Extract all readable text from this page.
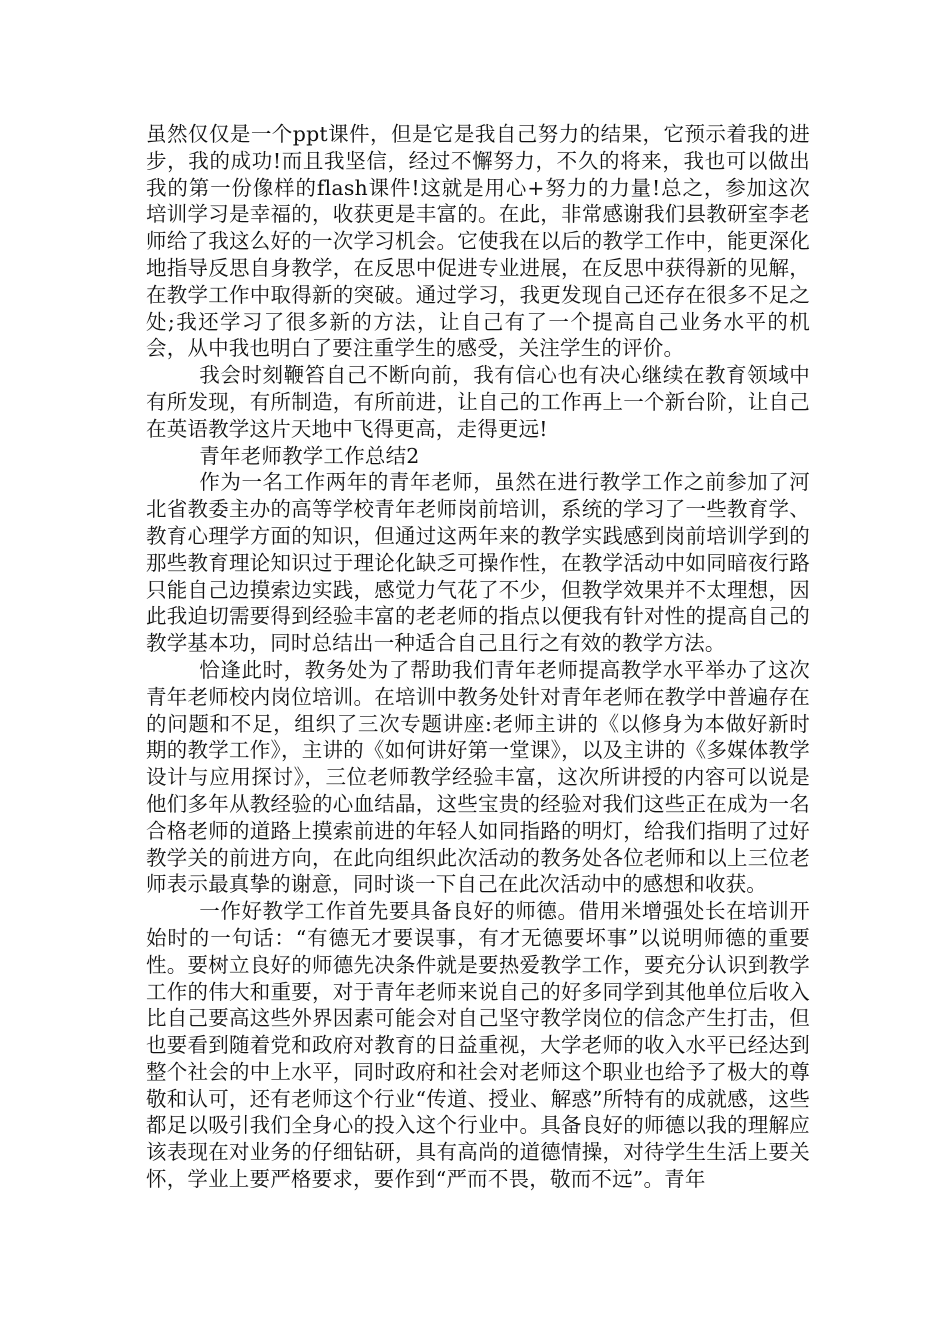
虽然仅仅是一个ppt课件，但是它是我自己努力的结果，它预示着我的进步，我的成功!而且我坚信，经过不懈努力，不久的将来，我也可以做出我的第一份像样的flash课件!这就是用心+努力的力量!总之，参加这次培训学习是幸福的，收获更是丰富的。在此，非常感谢我们县教研室李老师给了我这么好的一次学习机会。它使我在以后的教学工作中，能更深化地指导反思自身教学，在反思中促进专业进展，在反思中获得新的见解，在教学工作中取得新的突破。通过学习，我更发现自己还存在很多不足之处;我还学习了很多新的方法，让自己有了一个提高自己业务水平的机会，从中我也明白了要注重学生的感受，关注学生的评价。

我会时刻鞭笞自己不断向前，我有信心也有决心继续在教育领域中有所发现，有所制造，有所前进，让自己的工作再上一个新台阶，让自己在英语教学这片天地中飞得更高，走得更远!

青年老师教学工作总结2

作为一名工作两年的青年老师，虽然在进行教学工作之前参加了河北省教委主办的高等学校青年老师岗前培训，系统的学习了一些教育学、教育心理学方面的知识，但通过这两年来的教学实践感到岗前培训学到的那些教育理论知识过于理论化缺乏可操作性，在教学活动中如同暗夜行路只能自己边摸索边实践，感觉力气花了不少，但教学效果并不太理想，因此我迫切需要得到经验丰富的老老师的指点以便我有针对性的提高自己的教学基本功，同时总结出一种适合自己且行之有效的教学方法。

恰逢此时，教务处为了帮助我们青年老师提高教学水平举办了这次青年老师校内岗位培训。在培训中教务处针对青年老师在教学中普遍存在的问题和不足，组织了三次专题讲座:老师主讲的《以修身为本做好新时期的教学工作》，主讲的《如何讲好第一堂课》，以及主讲的《多媒体教学设计与应用探讨》，三位老师教学经验丰富，这次所讲授的内容可以说是他们多年从教经验的心血结晶，这些宝贵的经验对我们这些正在成为一名合格老师的道路上摸索前进的年轻人如同指路的明灯，给我们指明了过好教学关的前进方向，在此向组织此次活动的教务处各位老师和以上三位老师表示最真挚的谢意，同时谈一下自己在此次活动中的感想和收获。

一作好教学工作首先要具备良好的师德。借用米增强处长在培训开始时的一句话：“有德无才要误事，有才无德要坏事”以说明师德的重要性。要树立良好的师德先决条件就是要热爱教学工作，要充分认识到教学工作的伟大和重要，对于青年老师来说自己的好多同学到其他单位后收入比自己要高这些外界因素可能会对自己坚守教学岗位的信念产生打击，但也要看到随着党和政府对教育的日益重视，大学老师的收入水平已经达到整个社会的中上水平，同时政府和社会对老师这个职业也给予了极大的尊敬和认可，还有老师这个行业“传道、授业、解惑”所特有的成就感，这些都足以吸引我们全身心的投入这个行业中。具备良好的师德以我的理解应该表现在对业务的仔细钻研，具有高尚的道德情操，对待学生生活上要关怀，学业上要严格要求，要作到“严而不畏，敬而不远”。青年
